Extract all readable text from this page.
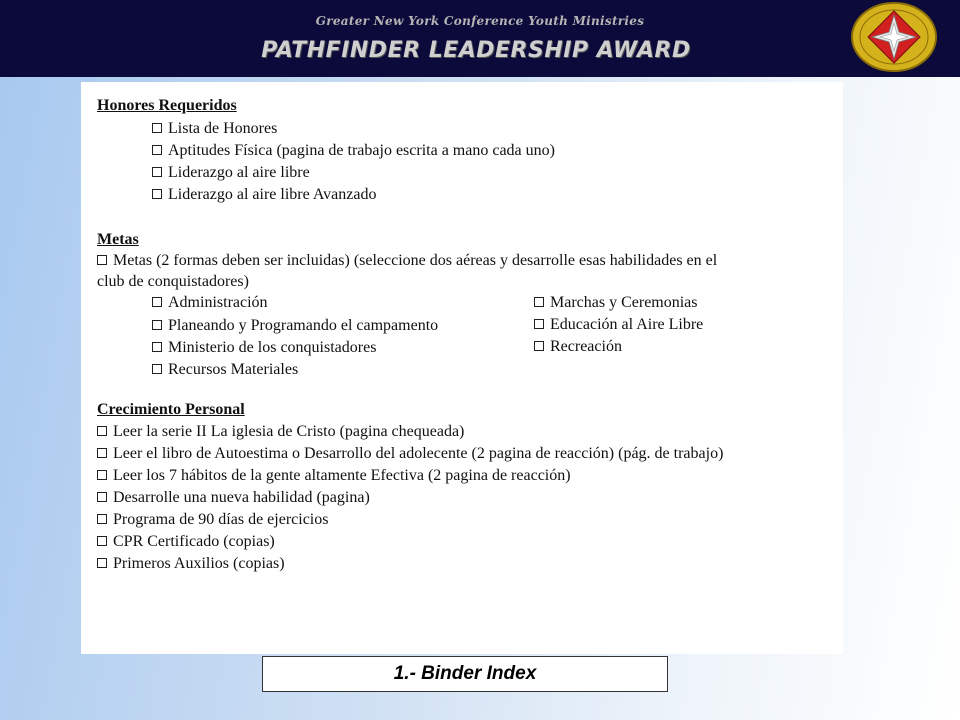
Greater New York Conference Youth Ministries
PATHFINDER LEADERSHIP AWARD
Honores Requeridos
Lista de Honores
Aptitudes Física (pagina de trabajo escrita a mano cada uno)
Liderazgo al aire libre
Liderazgo al aire libre Avanzado
Metas
Metas (2 formas deben ser incluidas) (seleccione dos aéreas y desarrolle esas habilidades en el
club de conquistadores)
Administración
Planeando y Programando el campamento
Ministerio de los conquistadores
Recursos Materiales
Marchas y Ceremonias
Educación al Aire Libre
Recreación
Crecimiento Personal
Leer la serie II La iglesia de Cristo (pagina chequeada)
Leer el libro de Autoestima o Desarrollo del adolecente (2 pagina de reacción) (pág. de trabajo)
Leer los 7 hábitos de la gente altamente Efectiva (2 pagina de reacción)
Desarrolle una nueva habilidad (pagina)
Programa de 90 días de ejercicios
CPR Certificado (copias)
Primeros Auxilios (copias)
1.- Binder Index
